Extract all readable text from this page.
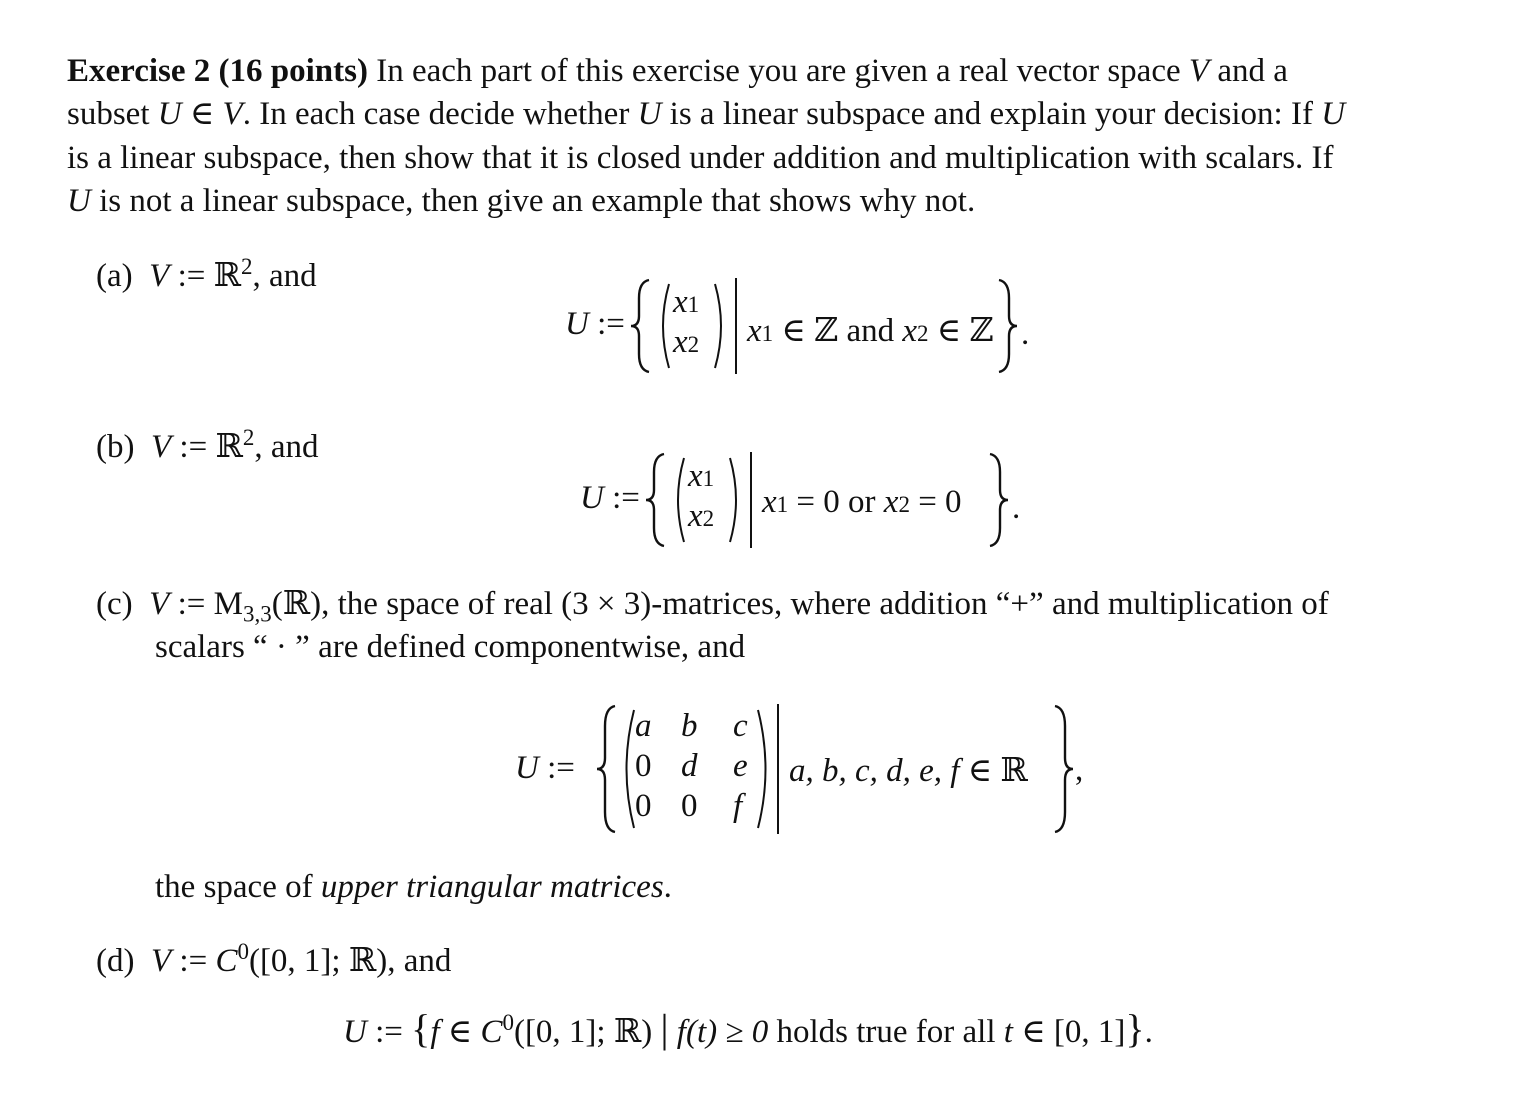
Exercise 2 (16 points) In each part of this exercise you are given a real vector space V and a
subset U ∈ V. In each case decide whether U is a linear subspace and explain your decision: If U
is a linear subspace, then show that it is closed under addition and multiplication with scalars. If
U is not a linear subspace, then give an example that shows why not.
(a) V := ℝ$^2$, and
U :=
x1
x2 x1 ∈ ℤ and x2 ∈ ℤ .
(b) V := ℝ$^2$, and
U :=
x1
x2 x1 = 0 or x2 = 0 .
(c) V := $M_{3,3}(ℝ)$, the space of real (3 × 3)-matrices, where addition “+” and multiplication of
scalars “ · ” are defined componentwise, and
U :=
a b c
0 d e
0 0 f
a, b, c, d, e, f ∈ ℝ ,
the space of upper triangular matrices.
(d) V := $C^0([0$, 1]; ℝ), and
U := {f ∈ $C^0([0$, 1]; ℝ) | f(t) ≥ 0 holds true for all t ∈ [0, 1]}.
